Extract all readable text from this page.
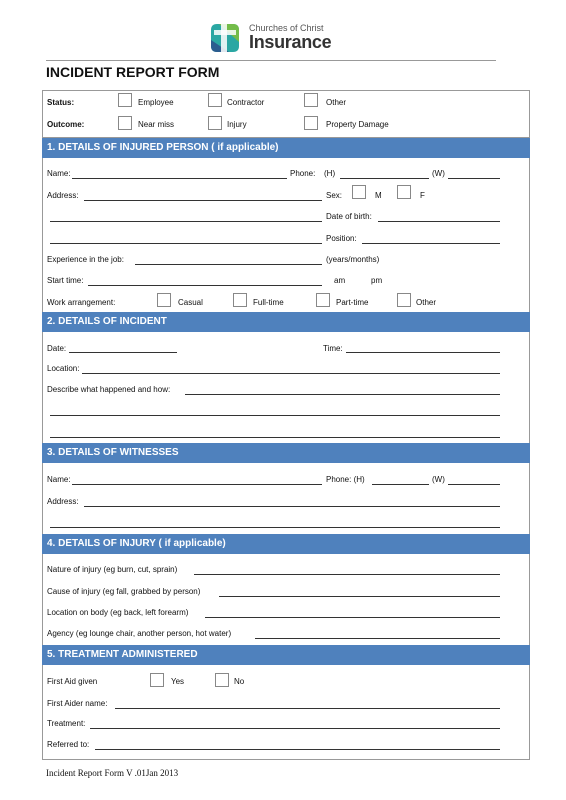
Churches of Christ
Insurance
INCIDENT REPORT FORM
Status:	Employee	Contractor	Other
Outcome:	Near miss	Injury	Property Damage
1. DETAILS OF INJURED PERSON ( if applicable)
Name:	Phone: (H)	(W)
Address:	Sex:	M	F
Date of birth:
Position:
Experience in the job:	(years/months)
Start time:	am	pm
Work arrangement:	Casual	Full-time	Part-time	Other
2. DETAILS OF INCIDENT
Date:	Time:
Location:
Describe what happened and how:
3. DETAILS OF WITNESSES
Name:	Phone: (H)	(W)
Address:
4. DETAILS OF INJURY ( if applicable)
Nature of injury (eg burn, cut, sprain)
Cause of injury (eg fall, grabbed by person)
Location on body (eg back, left forearm)
Agency (eg lounge chair, another person, hot water)
5. TREATMENT ADMINISTERED
First Aid given	Yes	No
First Aider name:
Treatment:
Referred to:
Incident Report Form V .01Jan 2013
